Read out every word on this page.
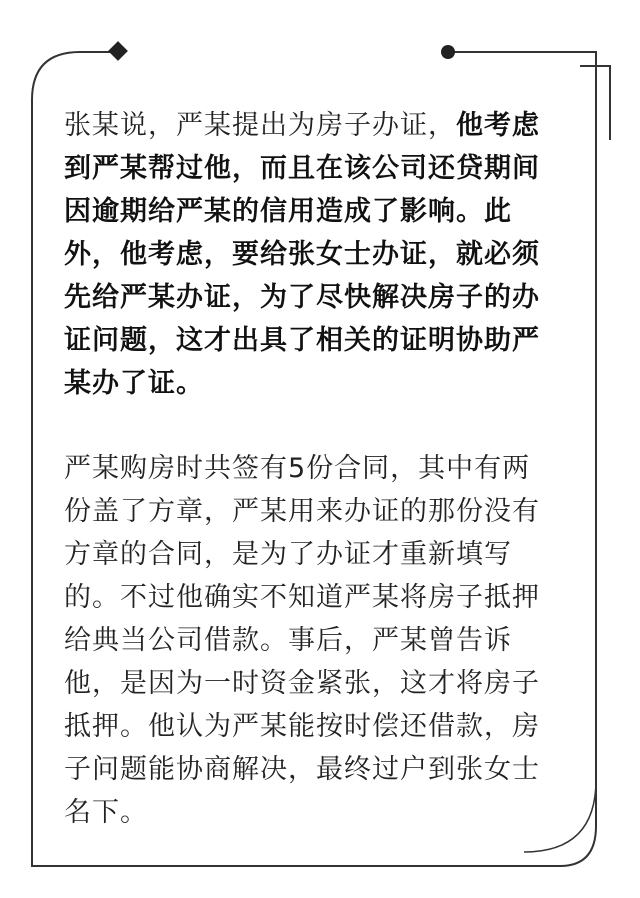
张某说，严某提出为房子办证，他考虑
到严某帮过他，而且在该公司还贷期间
因逾期给严某的信用造成了影响。此
外，他考虑，要给张女士办证，就必须
先给严某办证，为了尽快解决房子的办
证问题，这才出具了相关的证明协助严
某办了证。

严某购房时共签有5份合同，其中有两
份盖了方章，严某用来办证的那份没有
方章的合同，是为了办证才重新填写
的。不过他确实不知道严某将房子抵押
给典当公司借款。事后，严某曾告诉
他，是因为一时资金紧张，这才将房子
抵押。他认为严某能按时偿还借款，房
子问题能协商解决，最终过户到张女士
名下。
